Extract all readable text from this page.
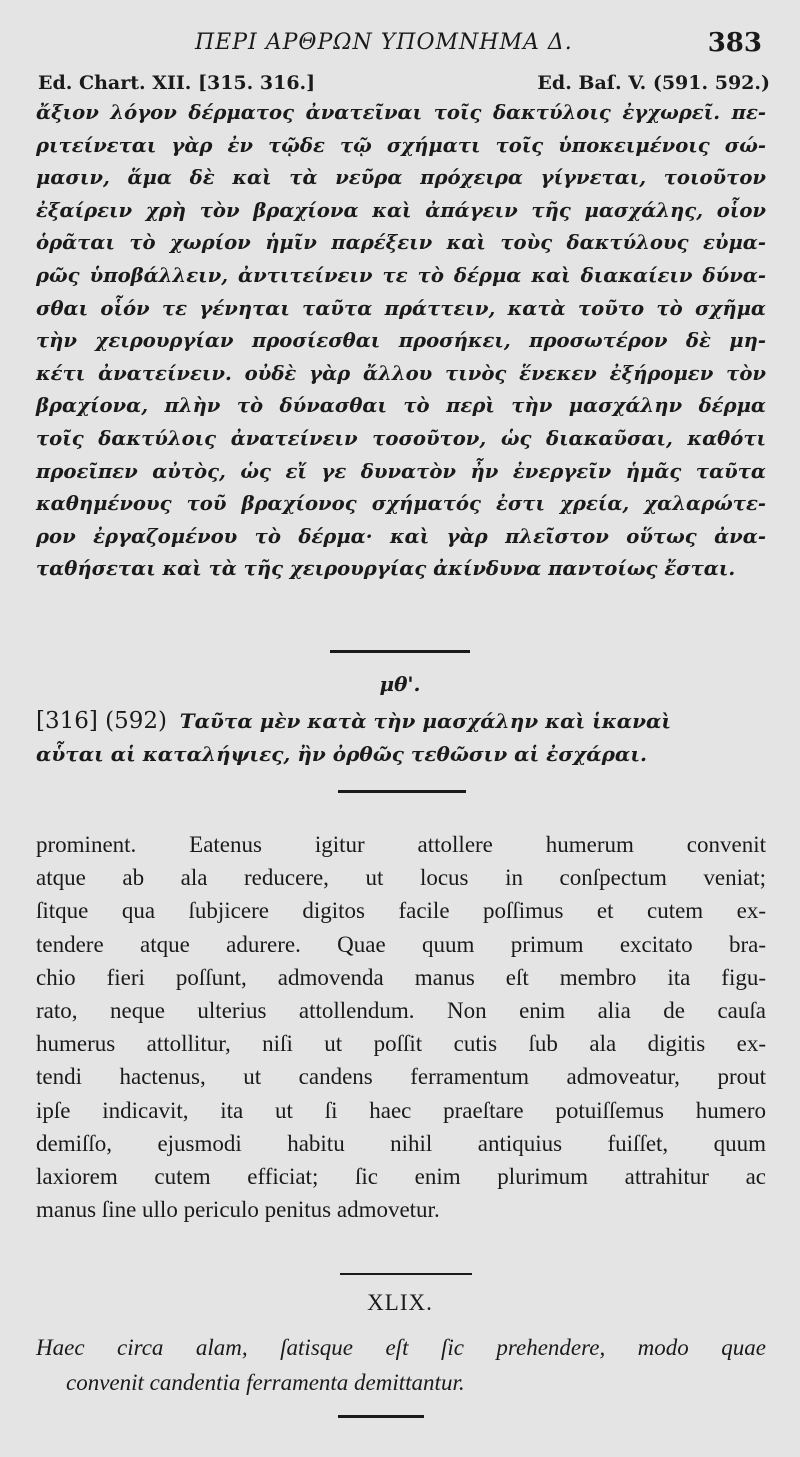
ΠΕΡΙ ΑΡΘΡΩΝ ΥΠΟΜΝΗΜΑ Δ.	383
Ed. Chart. XII. [315. 316.]	Ed. Baſ. V. (591. 592.)
ἄξιον λόγον δέρματος ἀνατεῖναι τοῖς δακτύλοις ἐγχωρεῖ. πε-
ριτείνεται γὰρ ἐν τῷδε τῷ σχήματι τοῖς ὑποκειμένοις σώ-
μασιν, ἅμα δὲ καὶ τὰ νεῦρα πρόχειρα γίγνεται, τοιοῦτον
ἐξαίρειν χρὴ τὸν βραχίονα καὶ ἀπάγειν τῆς μασχάλης, οἷον
ὁρᾶται τὸ χωρίον ἡμῖν παρέξειν καὶ τοὺς δακτύλους εὐμα-
ρῶς ὑποβάλλειν, ἀντιτείνειν τε τὸ δέρμα καὶ διακαίειν δύνα-
σθαι οἷόν τε γένηται ταῦτα πράττειν, κατὰ τοῦτο τὸ σχῆμα
τὴν χειρουργίαν προσίεσθαι προσήκει, προσωτέρον δὲ μη-
κέτι ἀνατείνειν. οὐδὲ γὰρ ἄλλου τινὸς ἕνεκεν ἐξήρομεν τὸν
βραχίονα, πλὴν τὸ δύνασθαι τὸ περὶ τὴν μασχάλην δέρμα
τοῖς δακτύλοις ἀνατείνειν τοσοῦτον, ὡς διακαῦσαι, καθότι
προεῖπεν αὐτὸς, ὡς εἴ γε δυνατὸν ἦν ἐνεργεῖν ἡμᾶς ταῦτα
καθημένους τοῦ βραχίονος σχήματός ἐστι χρεία, χαλαρώτε-
ρον ἐργαζομένου τὸ δέρμα· καὶ γὰρ πλεῖστον οὕτως ἀνα-
ταθήσεται καὶ τὰ τῆς χειρουργίας ἀκίνδυνα παντοίως ἔσται.
μθ'.
[316] (592) Ταῦτα μὲν κατὰ τὴν μασχάλην καὶ ἱκαναὶ
αὗται αἱ καταλήψιες, ἢν ὀρθῶς τεθῶσιν αἱ ἐσχάραι.
prominent. Eatenus igitur attollere humerum convenit
atque ab ala reducere, ut locus in conſpectum veniat;
ſitque qua ſubjicere digitos facile poſſimus et cutem ex-
tendere atque adurere. Quae quum primum excitato bra-
chio fieri poſſunt, admovenda manus eſt membro ita figu-
rato, neque ulterius attollendum. Non enim alia de cauſa
humerus attollitur, niſi ut poſſit cutis ſub ala digitis ex-
tendi hactenus, ut candens ferramentum admoveatur, prout
ipſe indicavit, ita ut ſi haec praeſtare potuiſſemus humero
demiſſo, ejusmodi habitu nihil antiquius fuiſſet, quum
laxiorem cutem efficiat; ſic enim plurimum attrahitur ac
manus ſine ullo periculo penitus admovetur.
XLIX.
Haec circa alam, ſatisque eſt ſic prehendere, modo quae
convenit candentia ferramenta demittantur.
